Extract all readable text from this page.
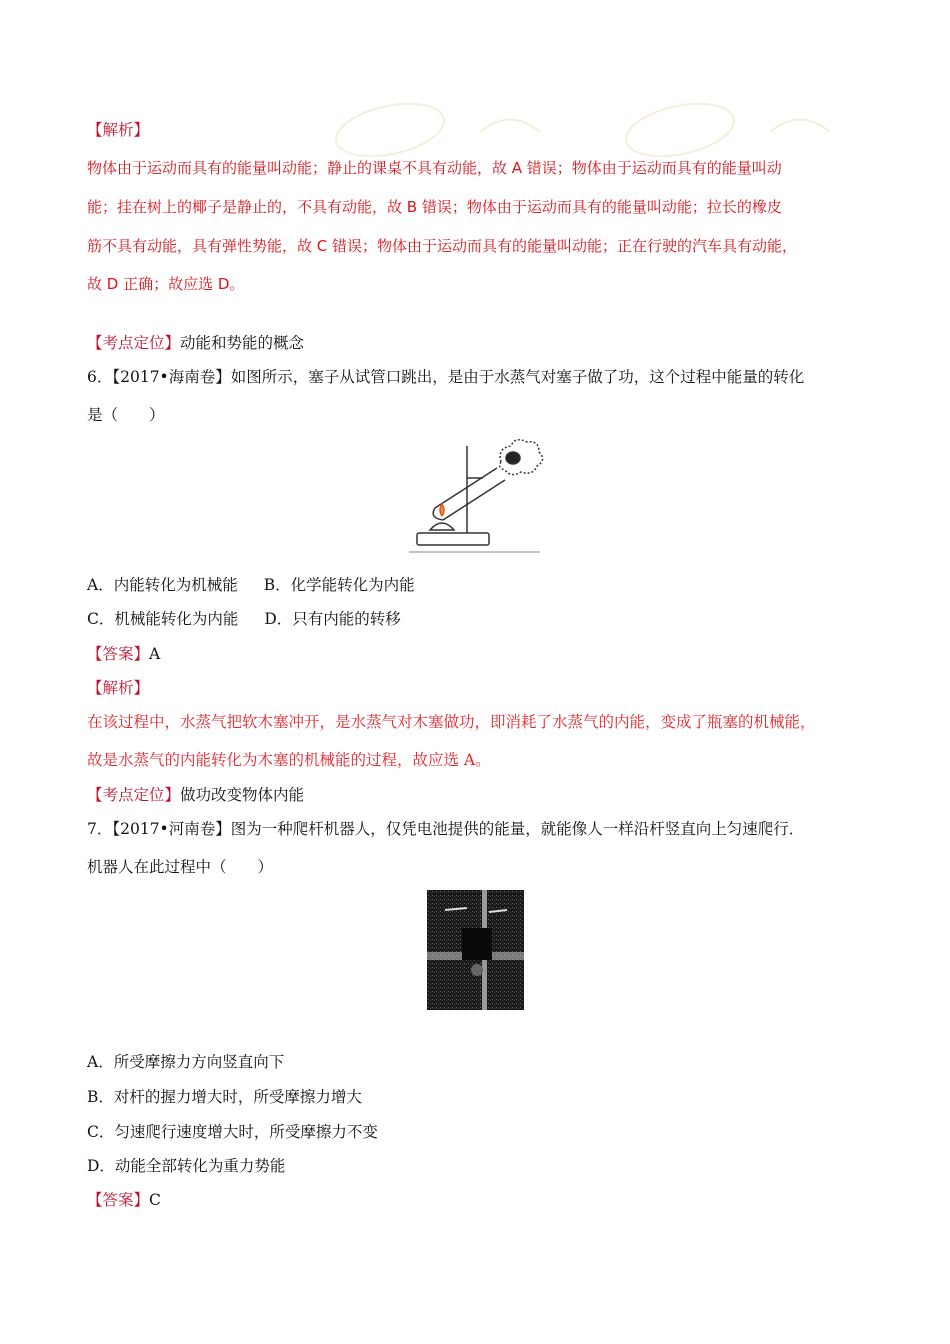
【解析】
物体由于运动而具有的能量叫动能；静止的课桌不具有动能，故 A 错误；物体由于运动而具有的能量叫动
能；挂在树上的椰子是静止的，不具有动能，故 B 错误；物体由于运动而具有的能量叫动能；拉长的橡皮
筋不具有动能，具有弹性势能，故 C 错误；物体由于运动而具有的能量叫动能；正在行驶的汽车具有动能，
故 D 正确；故应选 D。
【考点定位】动能和势能的概念
6．【2017•海南卷】如图所示，塞子从试管口跳出，是由于水蒸气对塞子做了功，这个过程中能量的转化
是（　　）
A．内能转化为机械能 B．化学能转化为内能
C．机械能转化为内能 D．只有内能的转移
【答案】A
【解析】
在该过程中，水蒸气把软木塞冲开，是水蒸气对木塞做功，即消耗了水蒸气的内能，变成了瓶塞的机械能，
故是水蒸气的内能转化为木塞的机械能的过程，故应选 A。
【考点定位】做功改变物体内能
7．【2017•河南卷】图为一种爬杆机器人，仅凭电池提供的能量，就能像人一样沿杆竖直向上匀速爬行．
机器人在此过程中（　　）
A．所受摩擦力方向竖直向下
B．对杆的握力增大时，所受摩擦力增大
C．匀速爬行速度增大时，所受摩擦力不变
D．动能全部转化为重力势能
【答案】C
